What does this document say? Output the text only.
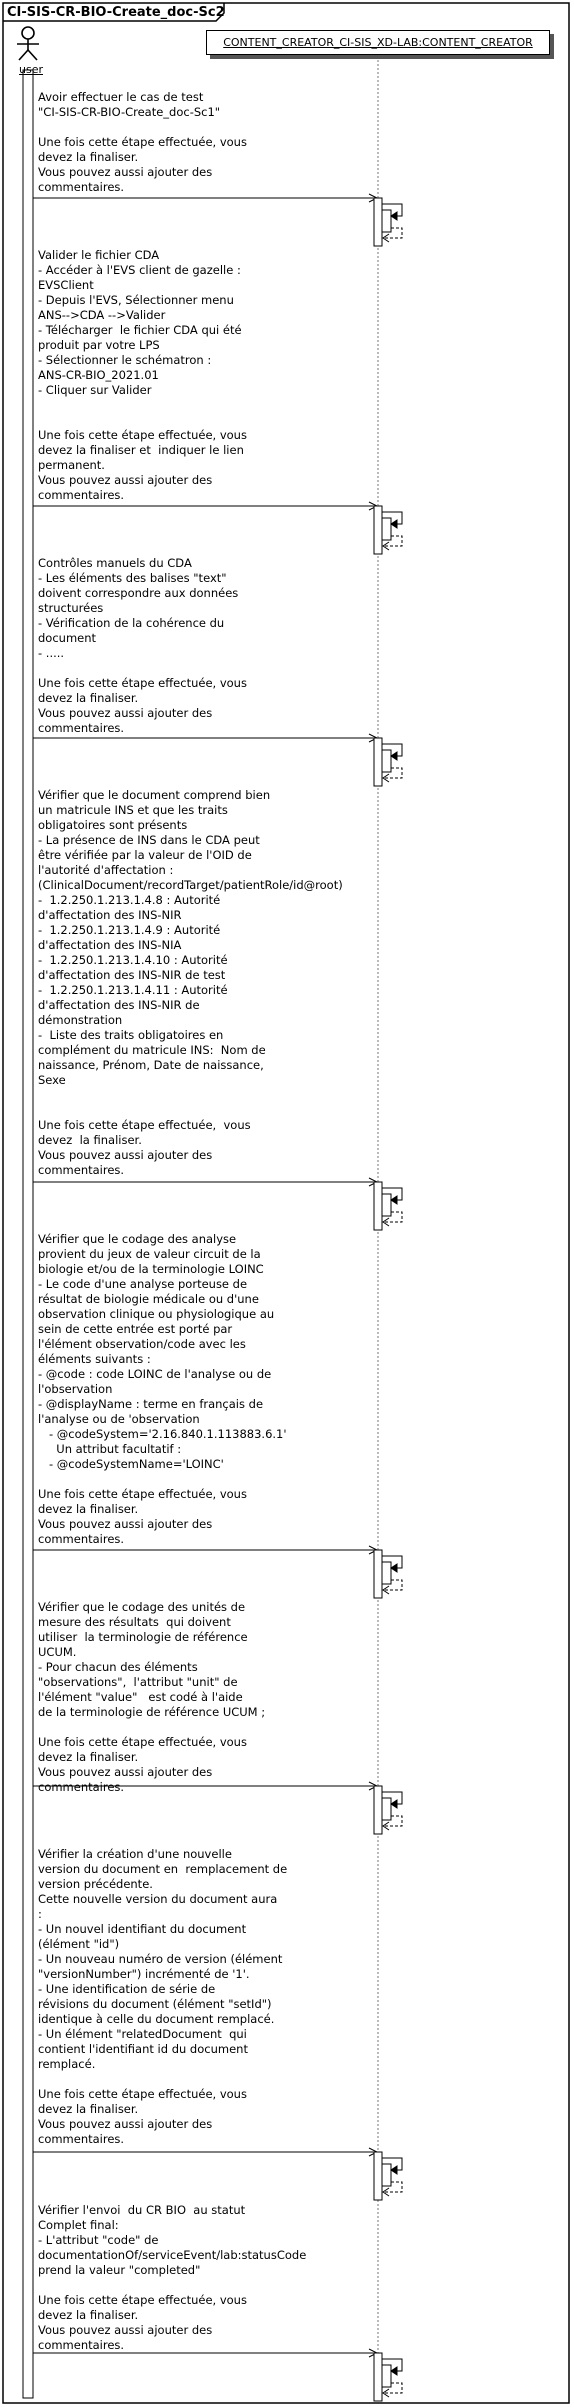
CI-SIS-CR-BIO-Create_doc-Sc2
CONTENT_CREATOR_CI-SIS_XD-LAB:CONTENT_CREATOR
user
Avoir effectuer le cas de test
"CI-SIS-CR-BIO-Create_doc-Sc1"

Une fois cette étape effectuée, vous
devez la finaliser.
Vous pouvez aussi ajouter des
commentaires.
Valider le fichier CDA
- Accéder à l'EVS client de gazelle :
EVSClient
- Depuis l'EVS, Sélectionner menu
ANS-->CDA -->Valider
- Télécharger  le fichier CDA qui été
produit par votre LPS
- Sélectionner le schématron :
ANS-CR-BIO_2021.01
- Cliquer sur Valider

Une fois cette étape effectuée, vous
devez la finaliser et  indiquer le lien
permanent.
Vous pouvez aussi ajouter des
commentaires.
Contrôles manuels du CDA
- Les éléments des balises "text"
doivent correspondre aux données
structurées
- Vérification de la cohérence du
document
- .....

Une fois cette étape effectuée, vous
devez la finaliser.
Vous pouvez aussi ajouter des
commentaires.
Vérifier que le document comprend bien
un matricule INS et que les traits
obligatoires sont présents
- La présence de INS dans le CDA peut
être vérifiée par la valeur de l'OID de
l'autorité d'affectation :
(ClinicalDocument/recordTarget/patientRole/id@root)
-  1.2.250.1.213.1.4.8 : Autorité
d'affectation des INS-NIR
-  1.2.250.1.213.1.4.9 : Autorité
d'affectation des INS-NIA
-  1.2.250.1.213.1.4.10 : Autorité
d'affectation des INS-NIR de test
-  1.2.250.1.213.1.4.11 : Autorité
d'affectation des INS-NIR de
démonstration
-  Liste des traits obligatoires en
complément du matricule INS:  Nom de
naissance, Prénom, Date de naissance,
Sexe

Une fois cette étape effectuée,  vous
devez  la finaliser.
Vous pouvez aussi ajouter des
commentaires.
Vérifier que le codage des analyse
provient du jeux de valeur circuit de la
biologie et/ou de la terminologie LOINC
- Le code d'une analyse porteuse de
résultat de biologie médicale ou d'une
observation clinique ou physiologique au
sein de cette entrée est porté par
l'élément observation/code avec les
éléments suivants :
- @code : code LOINC de l'analyse ou de
l'observation
- @displayName : terme en français de
l'analyse ou de 'observation
- @codeSystem='2.16.840.1.113883.6.1'
Un attribut facultatif :
- @codeSystemName='LOINC'

Une fois cette étape effectuée, vous
devez la finaliser.
Vous pouvez aussi ajouter des
commentaires.
Vérifier que le codage des unités de
mesure des résultats  qui doivent
utiliser  la terminologie de référence
UCUM.
- Pour chacun des éléments
"observations",  l'attribut "unit" de
l'élément "value"   est codé à l'aide
de la terminologie de référence UCUM ;

Une fois cette étape effectuée, vous
devez la finaliser.
Vous pouvez aussi ajouter des
commentaires.
Vérifier la création d'une nouvelle
version du document en  remplacement de
version précédente.
Cette nouvelle version du document aura
:
- Un nouvel identifiant du document
(élément "id")
- Un nouveau numéro de version (élément
"versionNumber") incrémenté de '1'.
- Une identification de série de
révisions du document (élément "setId")
identique à celle du document remplacé.
- Un élément "relatedDocument  qui
contient l'identifiant id du document
remplacé.

Une fois cette étape effectuée, vous
devez la finaliser.
Vous pouvez aussi ajouter des
commentaires.
Vérifier l'envoi  du CR BIO  au statut
Complet final:
- L'attribut "code" de
documentationOf/serviceEvent/lab:statusCode
prend la valeur "completed"

Une fois cette étape effectuée, vous
devez la finaliser.
Vous pouvez aussi ajouter des
commentaires.
